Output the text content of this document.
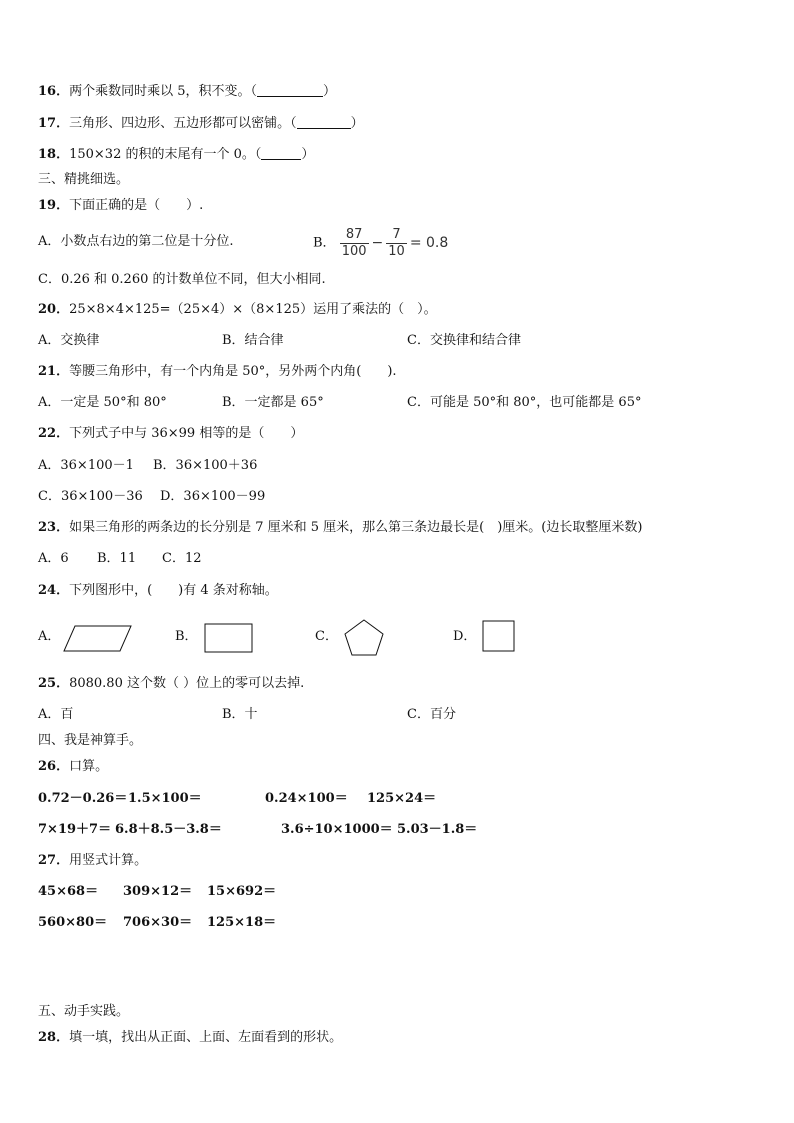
16．两个乘数同时乘以 5，积不变。（	）
17．三角形、四边形、五边形都可以密铺。（	）
18．150×32 的积的末尾有一个 0。（	）
三、精挑细选。
19．下面正确的是（　　）.
A．小数点右边的第二位是十分位.	B． $\frac{87}{100} - \frac{7}{10} = 0.8$
C．0.26 和 0.260 的计数单位不同，但大小相同.
20．25×8×4×125=（25×4）×（8×125）运用了乘法的（　）。
A．交换律	B．结合律	C．交换律和结合律
21．等腰三角形中，有一个内角是 50°，另外两个内角(　　).
A．一定是 50°和 80°	B．一定都是 65°	C．可能是 50°和 80°，也可能都是 65°
22．下列式子中与 36×99 相等的是（　　）
A．36×100－1 B．36×100＋36
C．36×100－36 D．36×100－99
23．如果三角形的两条边的长分别是 7 厘米和 5 厘米，那么第三条边最长是(　)厘米。(边长取整厘米数)
A．6 B．11 C．12
24．下列图形中，(　　)有 4 条对称轴。
A．	B．	C．	D．
25．8080.80 这个数（ ）位上的零可以去掉.
A．百	B．十	C．百分
四、我是神算手。
26．口算。
0.72－0.26＝ 1.5×100＝	0.24×100＝ 125×24＝
7×19＋7＝ 6.8＋8.5－3.8＝	3.6÷10×1000＝ 5.03－1.8＝
27．用竖式计算。
45×68＝ 309×12＝ 15×692＝
560×80＝ 706×30＝ 125×18＝
五、动手实践。
28．填一填，找出从正面、上面、左面看到的形状。
